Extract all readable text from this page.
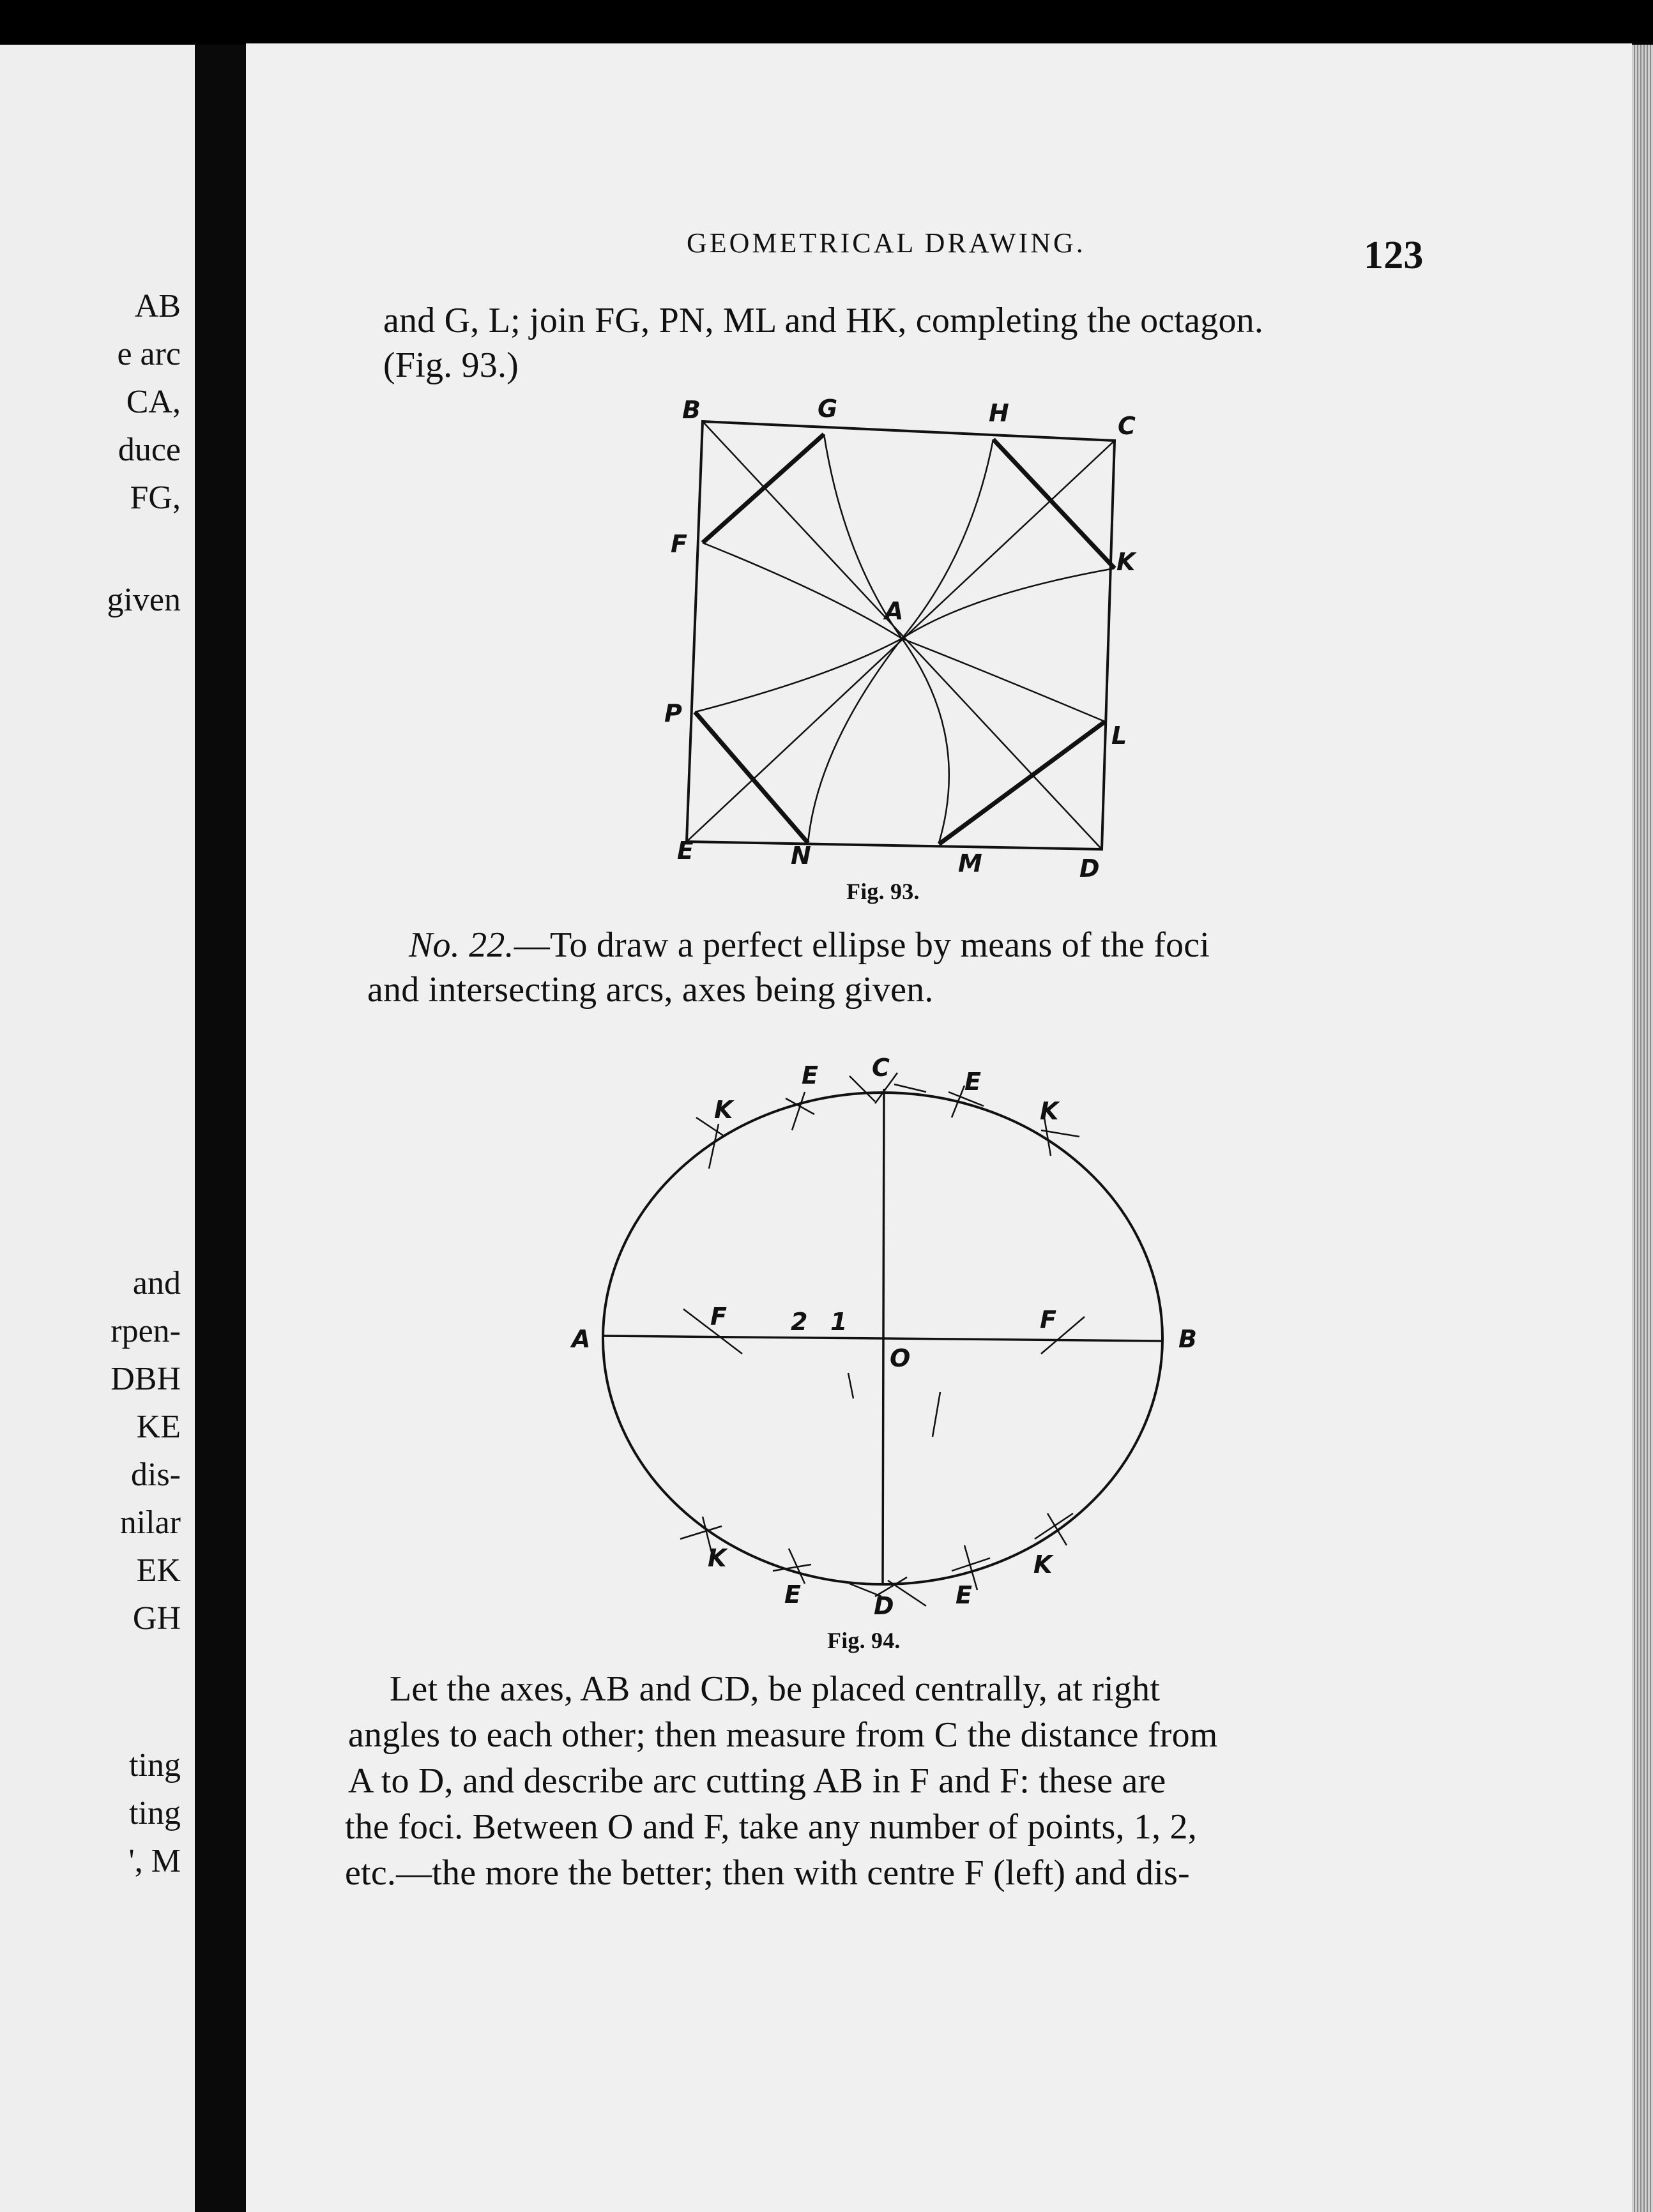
AB
e arc
CA,
duce
FG,
given
and
rpen-
DBH
KE
dis-
nilar
EK
GH
ting
ting
', M
GEOMETRICAL DRAWING.	123
and G, L; join FG, PN, ML and HK, completing the octagon.
(Fig. 93.)
B	G	H	C
F
K
A
P
L
E	N	M	D
Fig. 93.
No. 22. —To draw a perfect ellipse by means of the foci
and intersecting arcs, axes being given.
C
E	E
K	K
A
F	2 1	F
B
O
K	K
E	D	E
Fig. 94.
Let the axes, AB and CD, be placed centrally, at right
angles to each other; then measure from C the distance from
A to D, and describe arc cutting AB in F and F: these are
the foci. Between O and F, take any number of points, 1, 2,
etc.—the more the better; then with centre F (left) and dis-
